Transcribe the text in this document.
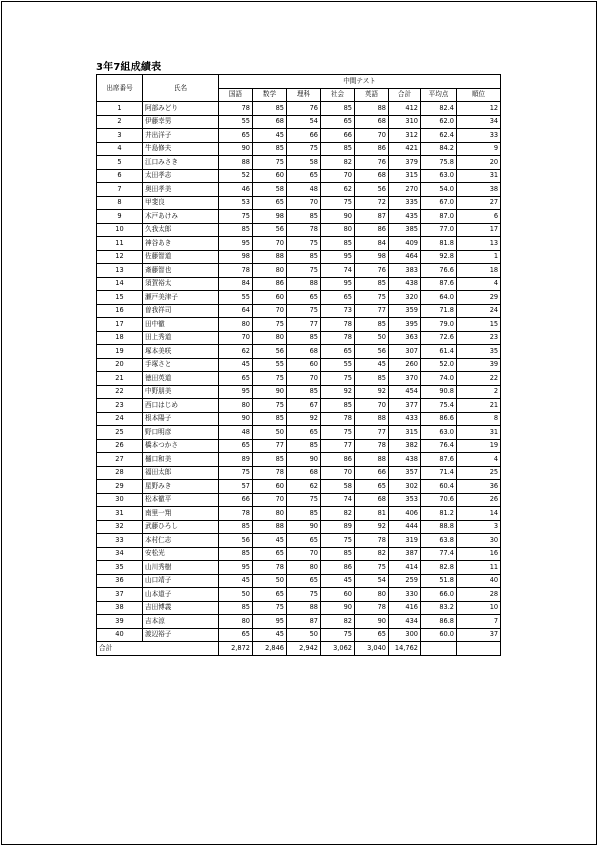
3年7組成績表
出席番号	氏名	中間テスト							
		国語	数学	理科	社会	英語	合計	平均点	順位
1	阿部みどり	78	85	76	85	88	412	82.4	12
2	伊藤幸男	55	68	54	65	68	310	62.0	34
3	井出洋子	65	45	66	66	70	312	62.4	33
4	牛島修夫	90	85	75	85	86	421	84.2	9
5	江口みさき	88	75	58	82	76	379	75.8	20
6	太田孝志	52	60	65	70	68	315	63.0	31
7	奥田孝美	46	58	48	62	56	270	54.0	38
8	甲斐良	53	65	70	75	72	335	67.0	27
9	木戸あけみ	75	98	85	90	87	435	87.0	6
10	久我太郎	85	56	78	80	86	385	77.0	17
11	神谷あき	95	70	75	85	84	409	81.8	13
12	佐藤智道	98	88	85	95	98	464	92.8	1
13	斎藤智也	78	80	75	74	76	383	76.6	18
14	須賀裕太	84	86	88	95	85	438	87.6	4
15	瀬戸美津子	55	60	65	65	75	320	64.0	29
16	曽我祥司	64	70	75	73	77	359	71.8	24
17	田中徹	80	75	77	78	85	395	79.0	15
18	田上秀道	70	80	85	78	50	363	72.6	23
19	塚本美咲	62	56	68	65	56	307	61.4	35
20	手塚さと	45	55	60	55	45	260	52.0	39
21	徳田英道	65	75	70	75	85	370	74.0	22
22	中野朋美	95	90	85	92	92	454	90.8	2
23	西口はじめ	80	75	67	85	70	377	75.4	21
24	根本陽子	90	85	92	78	88	433	86.6	8
25	野口明彦	48	50	65	75	77	315	63.0	31
26	橋本つかさ	65	77	85	77	78	382	76.4	19
27	樋口和美	89	85	90	86	88	438	87.6	4
28	福田太郎	75	78	68	70	66	357	71.4	25
29	星野みき	57	60	62	58	65	302	60.4	36
30	松本徹平	66	70	75	74	68	353	70.6	26
31	南里一翔	78	80	85	82	81	406	81.2	14
32	武藤ひろし	85	88	90	89	92	444	88.8	3
33	本村仁志	56	45	65	75	78	319	63.8	30
34	安松光	85	65	70	85	82	387	77.4	16
35	山川秀樹	95	78	80	86	75	414	82.8	11
36	山口靖子	45	50	65	45	54	259	51.8	40
37	山本道子	50	65	75	60	80	330	66.0	28
38	吉田博義	85	75	88	90	78	416	83.2	10
39	吉本涼	80	95	87	82	90	434	86.8	7
40	渡辺裕子	65	45	50	75	65	300	60.0	37
合計		2,872	2,846	2,942	3,062	3,040	14,762		
